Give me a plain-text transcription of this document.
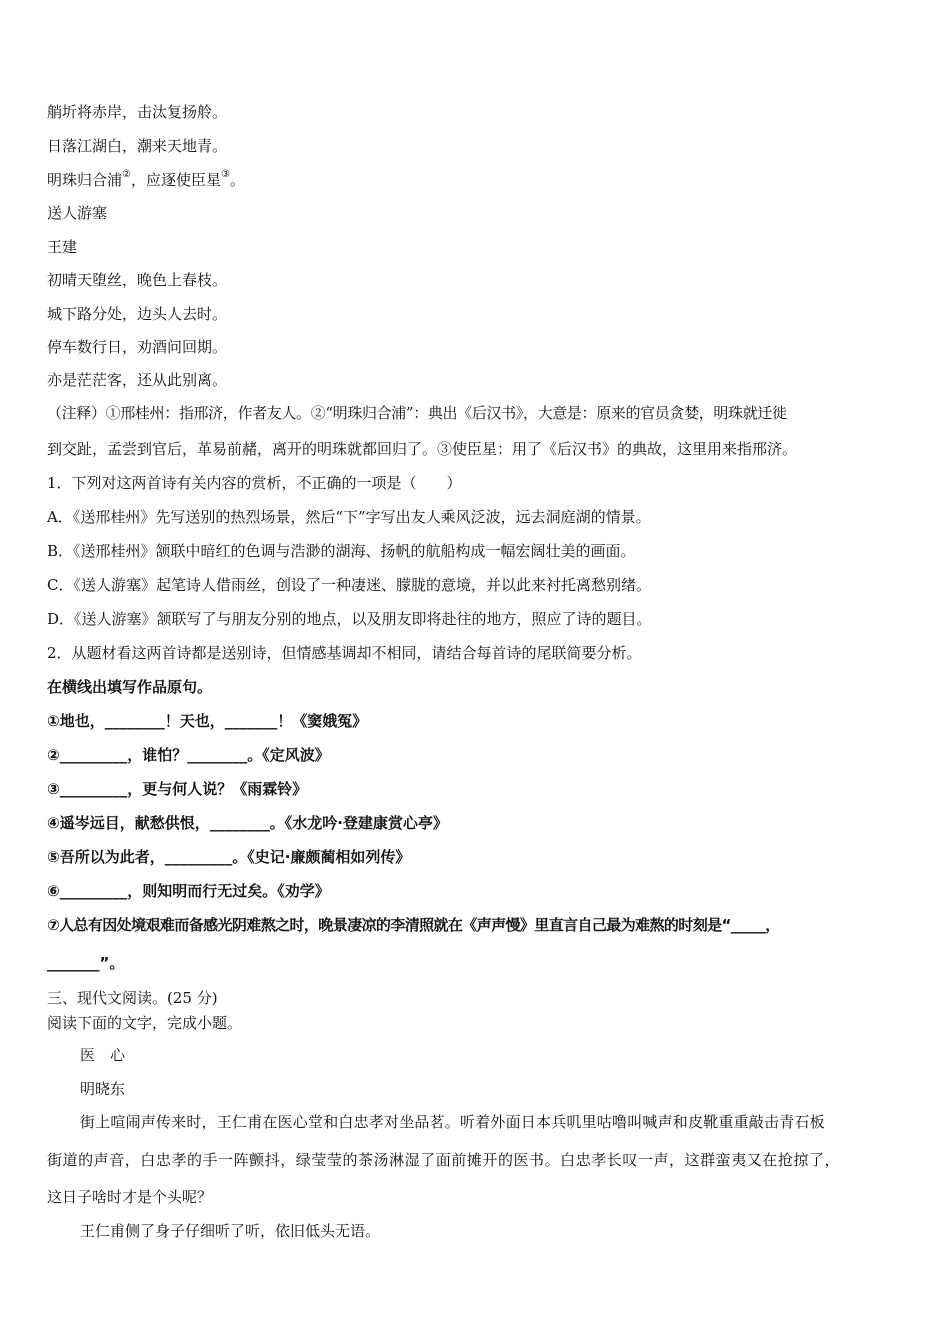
艄圻将赤岸，击汰复扬舲。
日落江湖白，潮来天地青。
明珠归合浦②，应逐使臣星③。
送人游塞
王建
初晴天堕丝，晚色上春枝。
城下路分处，边头人去时。
停车数行日，劝酒问回期。
亦是茫茫客，还从此别离。
（注释）①邢桂州：指邢济，作者友人。②“明珠归合浦”：典出《后汉书》，大意是：原来的官员贪婪，明珠就迁徙
到交趾，孟尝到官后，革易前赭，离开的明珠就都回归了。③使臣星：用了《后汉书》的典故，这里用来指邢济。
1．下列对这两首诗有关内容的赏析，不正确的一项是（　　）
A．《送邢桂州》先写送别的热烈场景，然后“下”字写出友人乘风泛波，远去洞庭湖的情景。
B．《送邢桂州》颔联中暗红的色调与浩渺的湖海、扬帆的航船构成一幅宏阔壮美的画面。
C．《送人游塞》起笔诗人借雨丝，创设了一种凄迷、朦胧的意境，并以此来衬托离愁别绪。
D．《送人游塞》颔联写了与朋友分别的地点，以及朋友即将赴往的地方，照应了诗的题目。
2．从题材看这两首诗都是送别诗，但情感基调却不相同，请结合每首诗的尾联简要分析。
在横线出填写作品原句。
①地也，________！天也，_______！《窦娥冤》
②_________，谁怕？________。《定风波》
③_________，更与何人说？《雨霖铃》
④遥岑远目，献愁供恨，________。《水龙吟·登建康赏心亭》
⑤吾所以为此者，_________。《史记·廉颇蔺相如列传》
⑥_________，则知明而行无过矣。《劝学》
⑦人总有因处境艰难而备感光阴难熬之时，晚景凄凉的李清照就在《声声慢》里直言自己最为难熬的时刻是“_____，
_______”。
三、现代文阅读。(25 分)
阅读下面的文字，完成小题。
医　心
明晓东
街上喧闹声传来时，王仁甫在医心堂和白忠孝对坐品茗。听着外面日本兵叽里咕噜叫喊声和皮靴重重敲击青石板
街道的声音，白忠孝的手一阵颤抖，绿莹莹的茶汤淋湿了面前摊开的医书。白忠孝长叹一声，这群蛮夷又在抢掠了，
这日子啥时才是个头呢？
王仁甫侧了身子仔细听了听，依旧低头无语。
